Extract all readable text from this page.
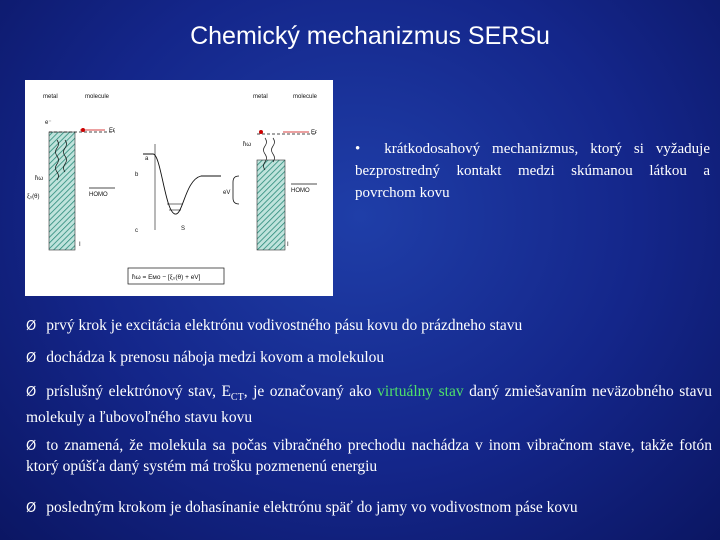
Chemický mechanizmus SERSu
metal	molecule
Eғ
e⁻
ħω
HOMO
ξ₀(θ)
I
a
b
c	S
ħω = Eᴍᴏ − [ξ₀(θ) + eV]
metal	molecule
Eғ
ħω
eV	HOMO
I
• krátkodosahový mechanizmus, ktorý si vyžaduje bezprostredný kontakt medzi skúmanou látkou a povrchom kovu
Ø prvý krok je excitácia elektrónu vodivostného pásu kovu do prázdneho stavu
Ø dochádza k prenosu náboja medzi kovom a molekulou
Ø príslušný elektrónový stav, $E_{CT}$, je označovaný ako virtuálny stav daný zmiešavaním neväzobného stavu molekuly a ľubovoľného stavu kovu
Ø to znamená, že molekula sa počas vibračného prechodu nachádza v inom vibračnom stave, takže fotón ktorý opúšťa daný systém má trošku pozmenenú energiu
Ø posledným krokom je dohasínanie elektrónu späť do jamy vo vodivostnom páse kovu
